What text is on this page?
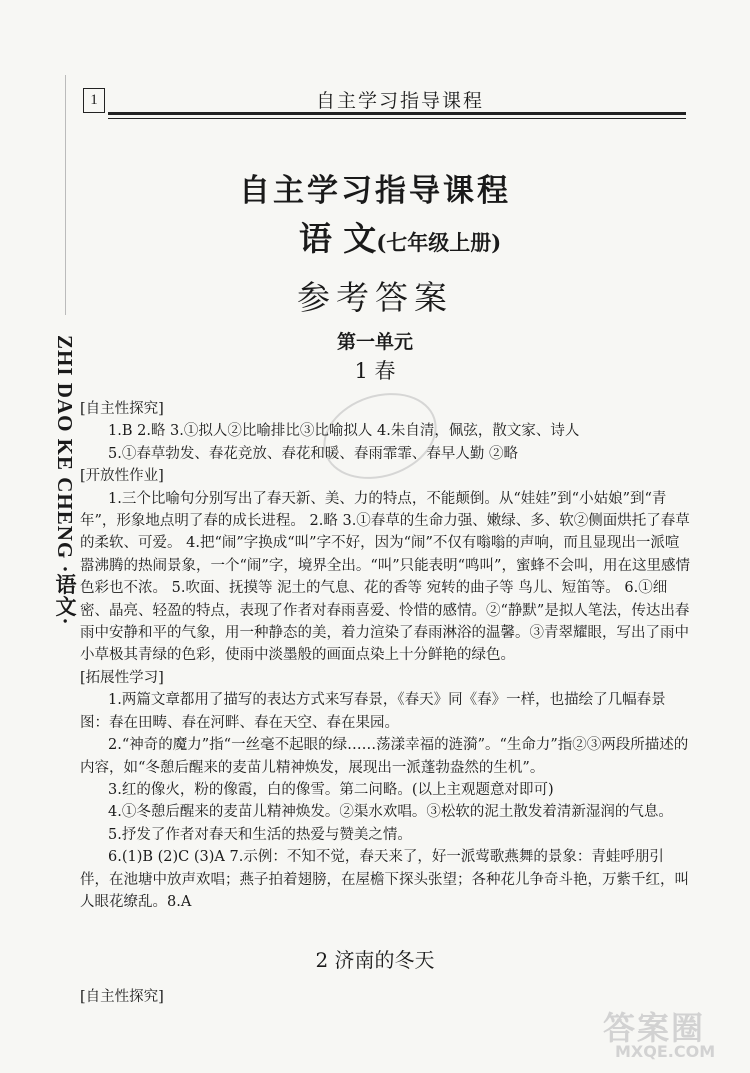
1	自主学习指导课程
ZHI DAO KE CHENG ·语文·
自主学习指导课程
语 文(七年级上册)
参考答案
第一单元
1 春

[自主性探究]

1.B 2.略 3.①拟人②比喻排比③比喻拟人 4.朱自清，佩弦，散文家、诗人

5.①春草勃发、春花竞放、春花和暖、春雨霏霏、春早人勤 ②略

[开放性作业]

1.三个比喻句分别写出了春天新、美、力的特点，不能颠倒。从“娃娃”到“小姑娘”到“青年”，形象地点明了春的成长进程。 2.略 3.①春草的生命力强、嫩绿、多、软②侧面烘托了春草的柔软、可爱。 4.把“闹”字换成“叫”字不好，因为“闹”不仅有嗡嗡的声响，而且显现出一派喧嚣沸腾的热闹景象，一个“闹”字，境界全出。“叫”只能表明“鸣叫”，蜜蜂不会叫，用在这里感情色彩也不浓。 5.吹面、抚摸等 泥土的气息、花的香等 宛转的曲子等 鸟儿、短笛等。 6.①细密、晶亮、轻盈的特点，表现了作者对春雨喜爱、怜惜的感情。②“静默”是拟人笔法，传达出春雨中安静和平的气象，用一种静态的美，着力渲染了春雨淋浴的温馨。③青翠耀眼，写出了雨中小草极其青绿的色彩，使雨中淡墨般的画面点染上十分鲜艳的绿色。

[拓展性学习]

1.两篇文章都用了描写的表达方式来写春景，《春天》同《春》一样，也描绘了几幅春景图：春在田畴、春在河畔、春在天空、春在果园。

2.“神奇的魔力”指“一丝毫不起眼的绿……荡漾幸福的涟漪”。“生命力”指②③两段所描述的内容，如“冬憩后醒来的麦苗儿精神焕发，展现出一派蓬勃盎然的生机”。

3.红的像火，粉的像霞，白的像雪。第二问略。(以上主观题意对即可)

4.①冬憩后醒来的麦苗儿精神焕发。②渠水欢唱。③松软的泥土散发着清新湿润的气息。

5.抒发了作者对春天和生活的热爱与赞美之情。

6.(1)B (2)C (3)A 7.示例：不知不觉，春天来了，好一派莺歌燕舞的景象：青蛙呼朋引伴，在池塘中放声欢唱；燕子拍着翅膀，在屋檐下探头张望；各种花儿争奇斗艳，万紫千红，叫人眼花缭乱。8.A

2 济南的冬天
[自主性探究]
答案圈
MXQE.COM
